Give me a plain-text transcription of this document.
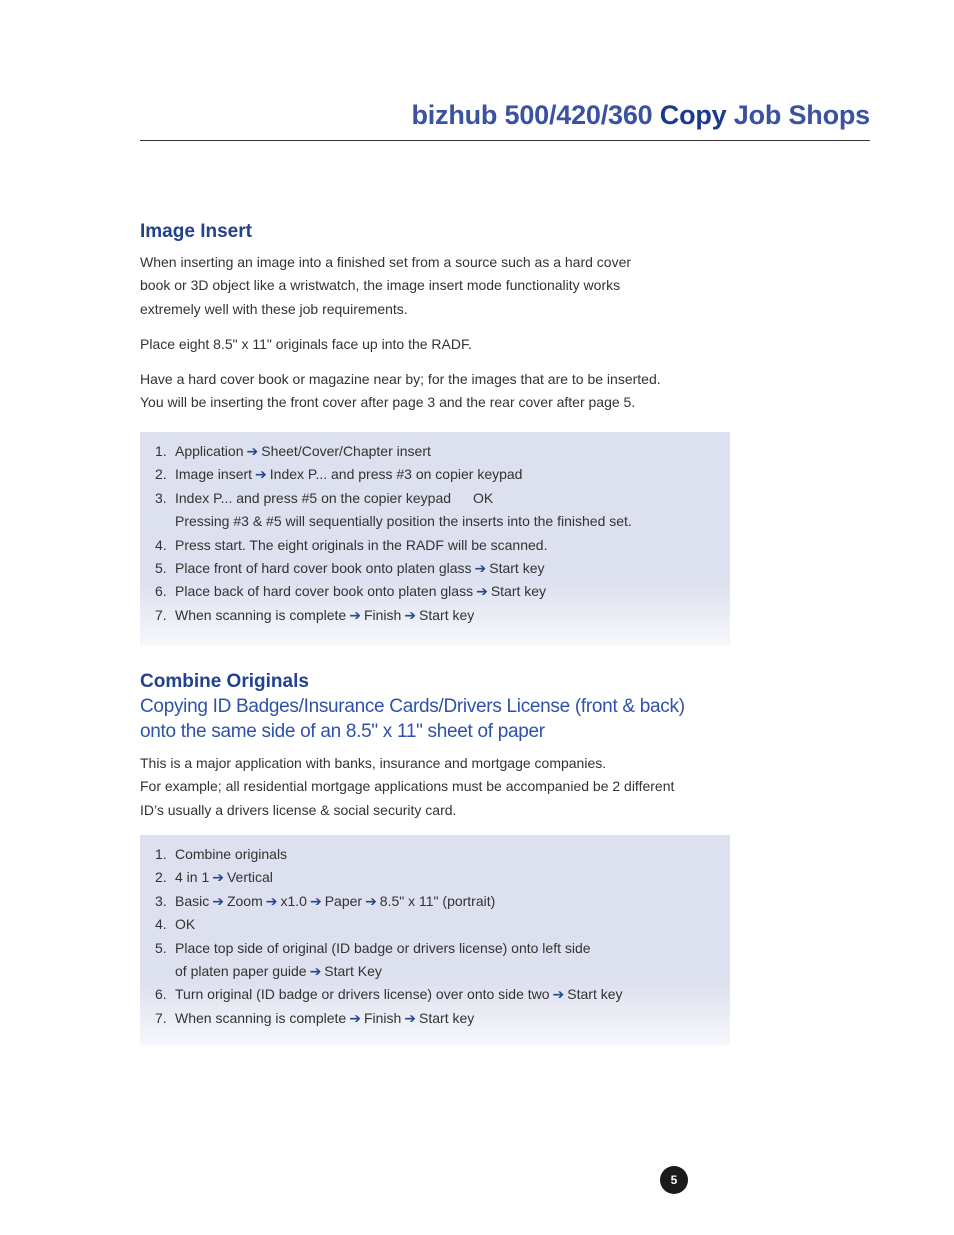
bizhub 500/420/360 Copy Job Shops
Image Insert

When inserting an image into a finished set from a source such as a hard cover

book or 3D object like a wristwatch, the image insert mode functionality works

extremely well with these job requirements.

Place eight 8.5" x 11" originals face up into the RADF.

Have a hard cover book or magazine near by; for the images that are to be inserted.

You will be inserting the front cover after page 3 and the rear cover after page 5.

1. Application ➔ Sheet/Cover/Chapter insert
2. Image insert ➔ Index P... and press #3 on copier keypad
3. Index P... and press #5 on the copier keypad OK
Pressing #3 & #5 will sequentially position the inserts into the finished set.
4. Press start. The eight originals in the RADF will be scanned.
5. Place front of hard cover book onto platen glass ➔ Start key
6. Place back of hard cover book onto platen glass ➔ Start key
7. When scanning is complete ➔ Finish ➔ Start key
Combine Originals

Copying ID Badges/Insurance Cards/Drivers License (front & back)

onto the same side of an 8.5" x 11" sheet of paper

This is a major application with banks, insurance and mortgage companies.

For example; all residential mortgage applications must be accompanied be 2 different

ID’s usually a drivers license & social security card.

1. Combine originals
2. 4 in 1 ➔ Vertical
3. Basic ➔ Zoom ➔ x1.0 ➔ Paper ➔ 8.5" x 11" (portrait)
4. OK
5. Place top side of original (ID badge or drivers license) onto left side
of platen paper guide ➔ Start Key
6. Turn original (ID badge or drivers license) over onto side two ➔ Start key
7. When scanning is complete ➔ Finish ➔ Start key
5
